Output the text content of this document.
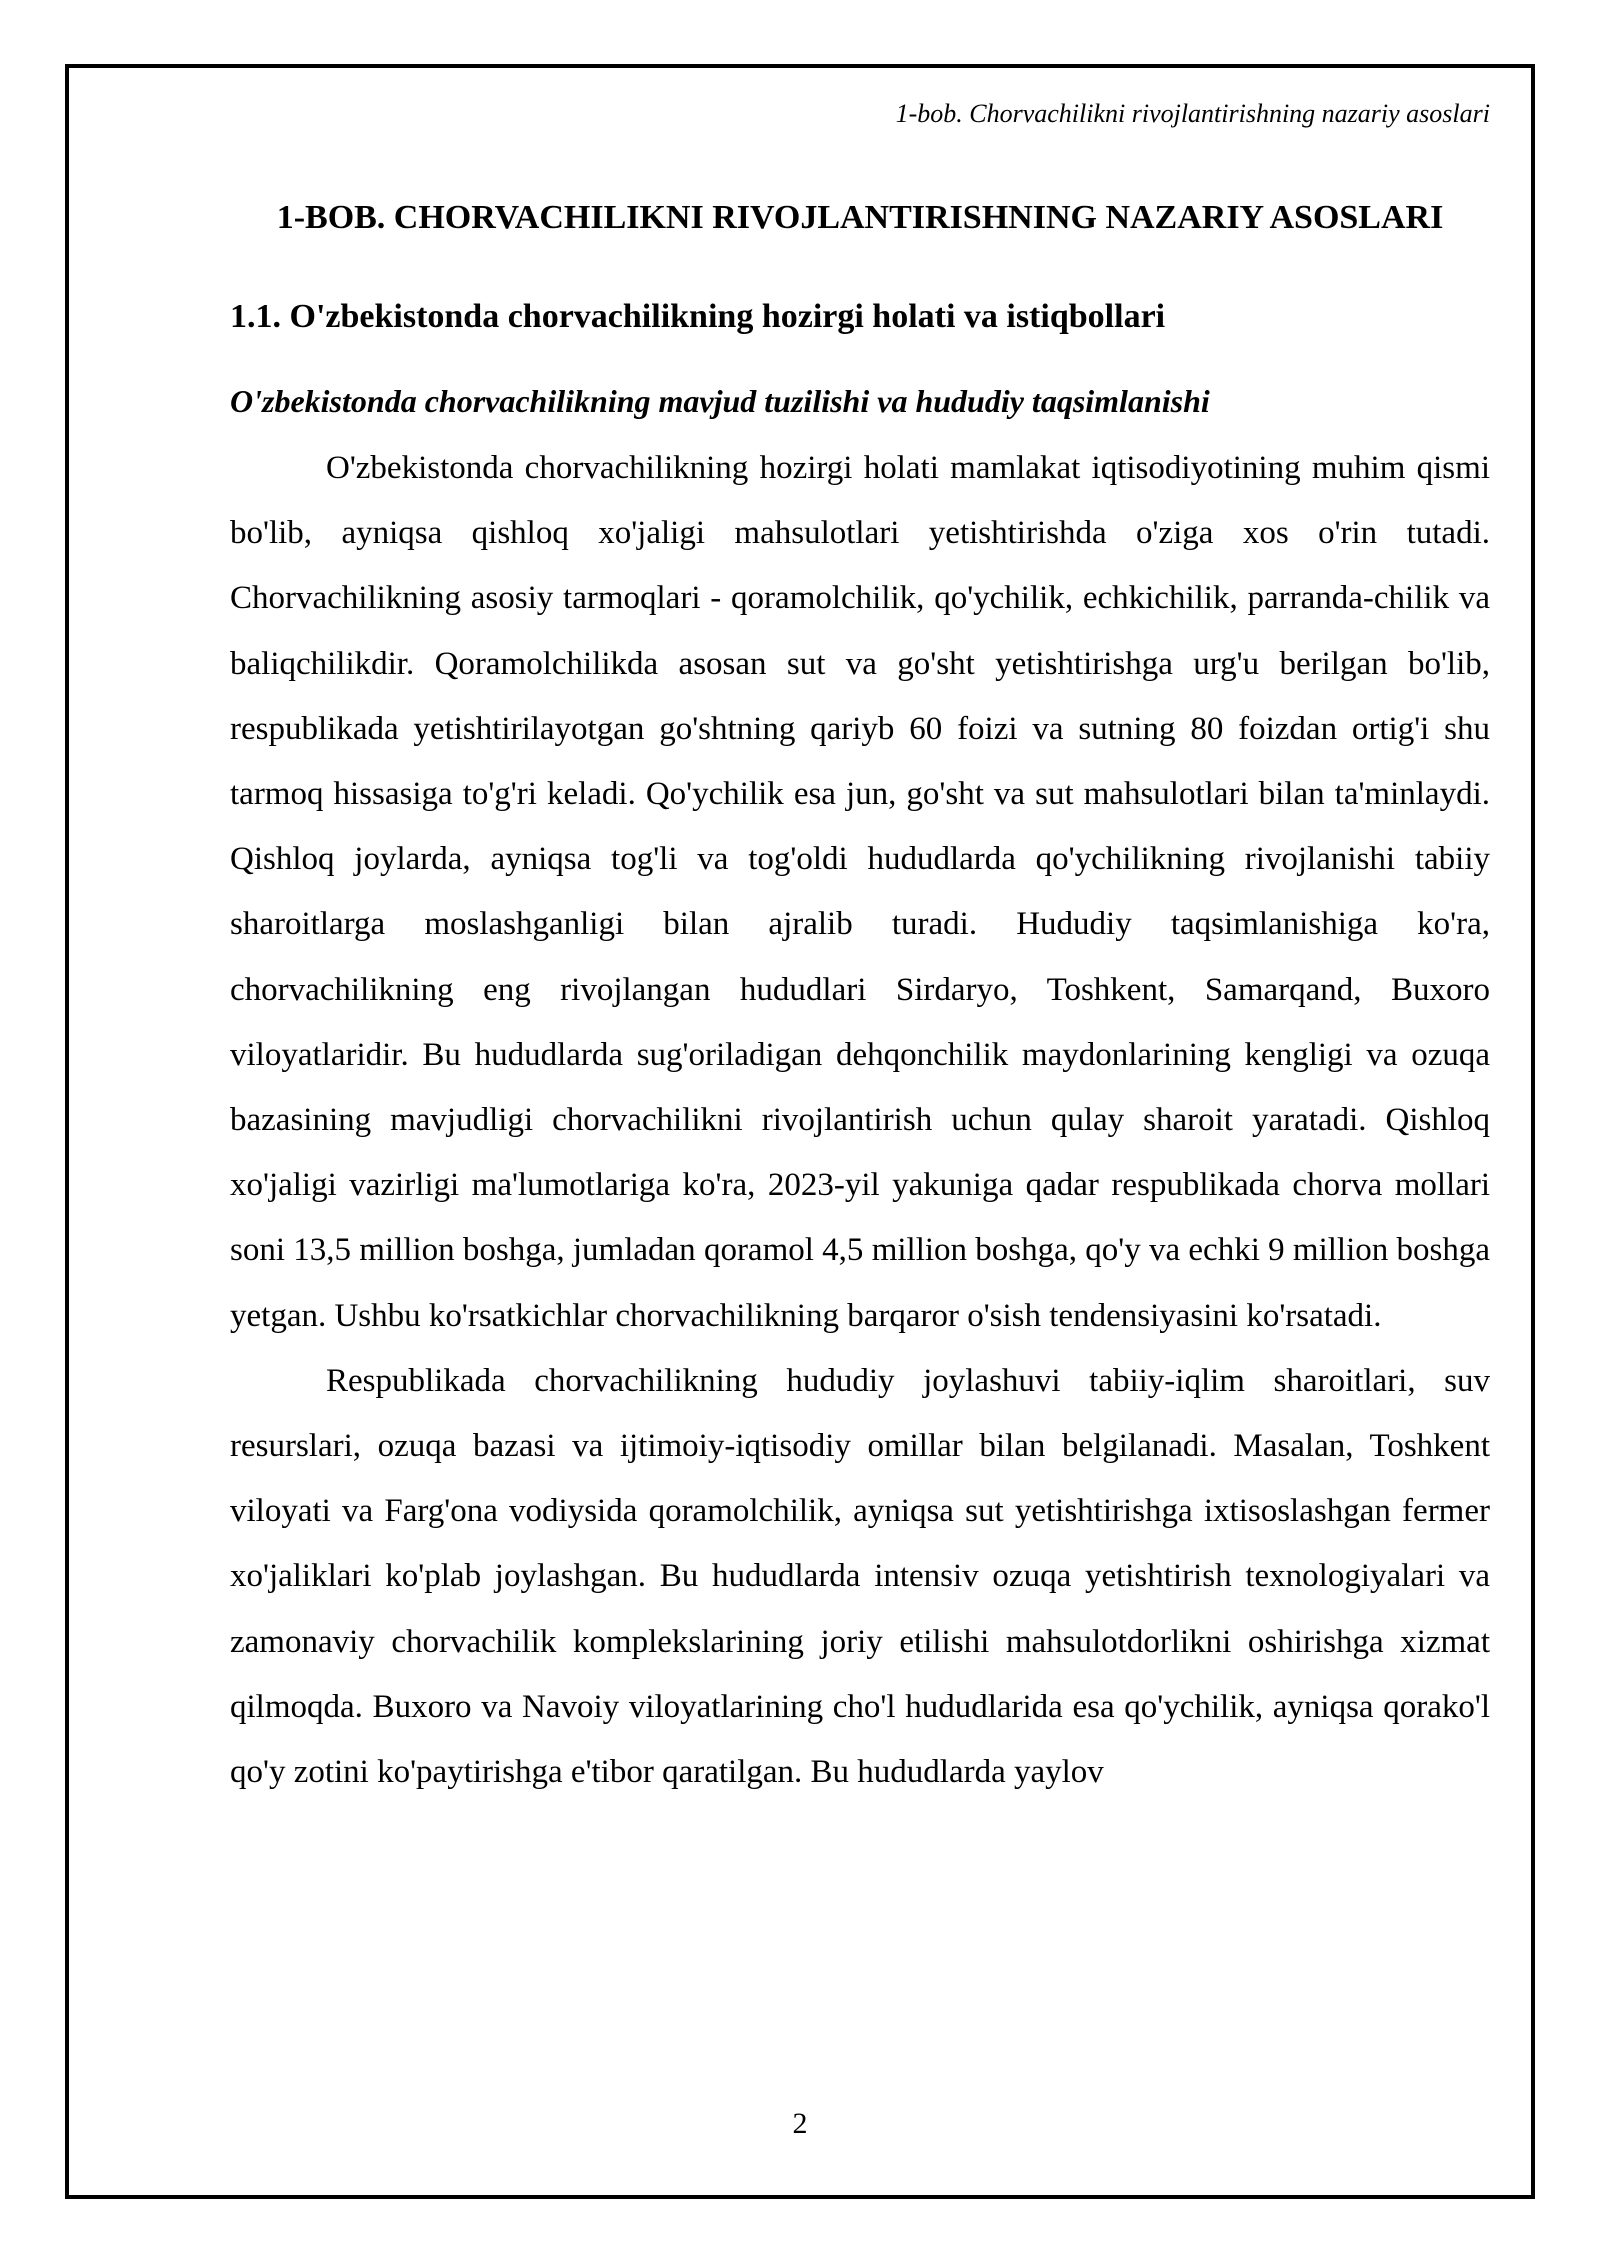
1-bob. Chorvachilikni rivojlantirishning nazariy asoslari
1-BOB. CHORVACHILIKNI RIVOJLANTIRISHNING NAZARIY ASOSLARI
1.1. O'zbekistonda chorvachilikning hozirgi holati va istiqbollari
O'zbekistonda chorvachilikning mavjud tuzilishi va hududiy taqsimlanishi

O'zbekistonda chorvachilikning hozirgi holati mamlakat iqtisodiyotining muhim qismi bo'lib, ayniqsa qishloq xo'jaligi mahsulotlari yetishtirishda o'ziga xos o'rin tutadi. Chorvachilikning asosiy tarmoqlari - qoramolchilik, qo'ychilik, echkichilik, parranda-chilik va baliqchilikdir. Qoramolchilikda asosan sut va go'sht yetishtirishga urg'u berilgan bo'lib, respublikada yetishtirilayotgan go'shtning qariyb 60 foizi va sutning 80 foizdan ortig'i shu tarmoq hissasiga to'g'ri keladi. Qo'ychilik esa jun, go'sht va sut mahsulotlari bilan ta'minlaydi. Qishloq joylarda, ayniqsa tog'li va tog'oldi hududlarda qo'ychilikning rivojlanishi tabiiy sharoitlarga moslashganligi bilan ajralib turadi. Hududiy taqsimlanishiga ko'ra, chorvachilikning eng rivojlangan hududlari Sirdaryo, Toshkent, Samarqand, Buxoro viloyatlaridir. Bu hududlarda sug'oriladigan dehqonchilik maydonlarining kengligi va ozuqa bazasining mavjudligi chorvachilikni rivojlantirish uchun qulay sharoit yaratadi. Qishloq xo'jaligi vazirligi ma'lumotlariga ko'ra, 2023-yil yakuniga qadar respublikada chorva mollari soni 13,5 million boshga, jumladan qoramol 4,5 million boshga, qo'y va echki 9 million boshga yetgan. Ushbu ko'rsatkichlar chorvachilikning barqaror o'sish tendensiyasini ko'rsatadi.

Respublikada chorvachilikning hududiy joylashuvi tabiiy-iqlim sharoitlari, suv resurslari, ozuqa bazasi va ijtimoiy-iqtisodiy omillar bilan belgilanadi. Masalan, Toshkent viloyati va Farg'ona vodiysida qoramolchilik, ayniqsa sut yetishtirishga ixtisoslashgan fermer xo'jaliklari ko'plab joylashgan. Bu hududlarda intensiv ozuqa yetishtirish texnologiyalari va zamonaviy chorvachilik komplekslarining joriy etilishi mahsulotdorlikni oshirishga xizmat qilmoqda. Buxoro va Navoiy viloyatlarining cho'l hududlarida esa qo'ychilik, ayniqsa qorako'l qo'y zotini ko'paytirishga e'tibor qaratilgan. Bu hududlarda yaylov

2
